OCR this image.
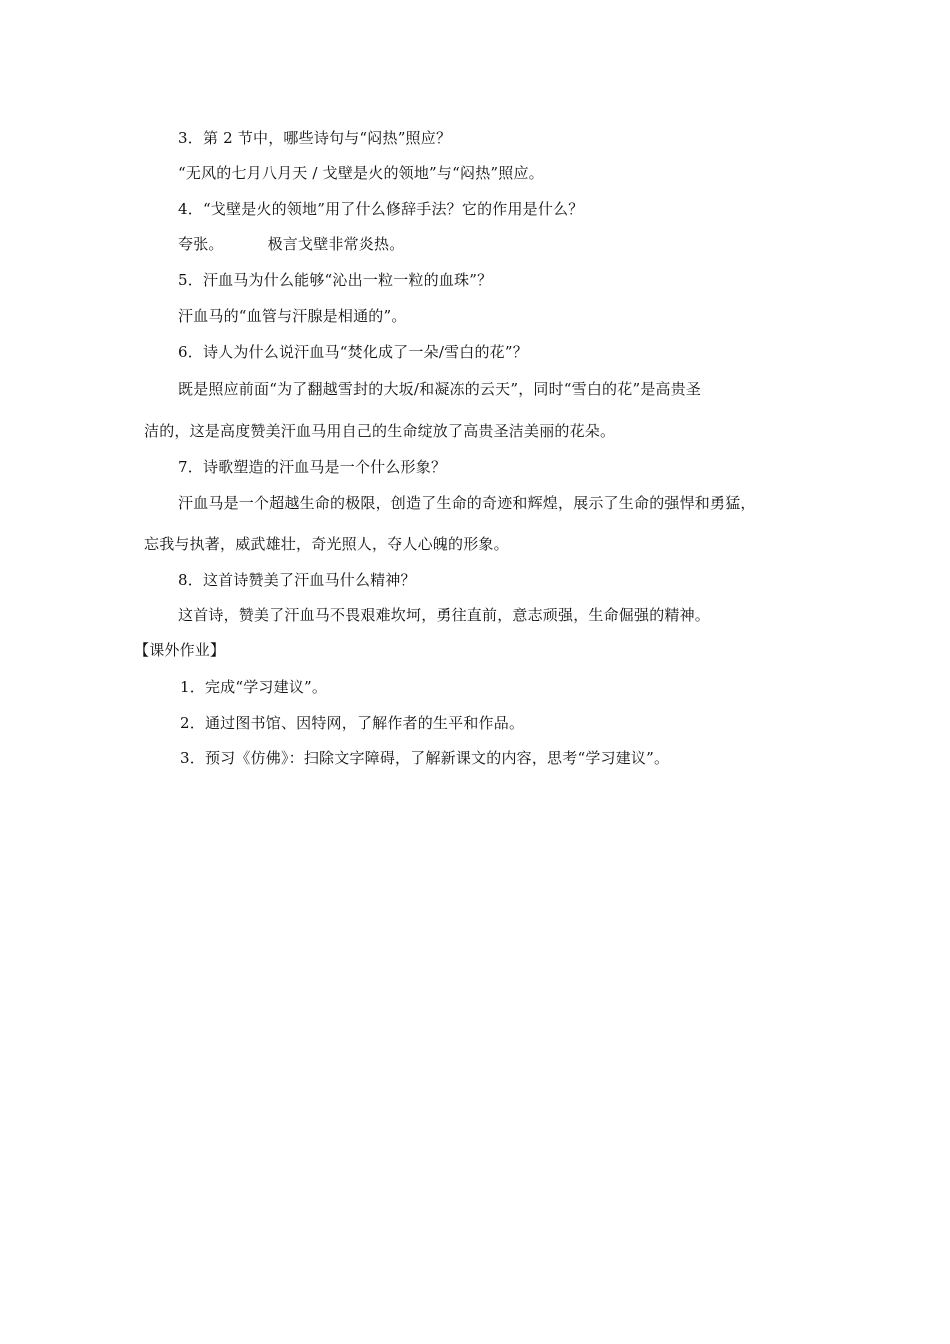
3．第 2 节中，哪些诗句与“闷热”照应？
“无风的七月八月天 / 戈壁是火的领地”与“闷热”照应。
4．“戈壁是火的领地”用了什么修辞手法？它的作用是什么？
夸张。	极言戈壁非常炎热。
5．汗血马为什么能够“沁出一粒一粒的血珠”？
汗血马的“血管与汗腺是相通的”。
6．诗人为什么说汗血马“焚化成了一朵/雪白的花”？
既是照应前面“为了翻越雪封的大坂/和凝冻的云天”，同时“雪白的花”是高贵圣
洁的，这是高度赞美汗血马用自己的生命绽放了高贵圣洁美丽的花朵。
7．诗歌塑造的汗血马是一个什么形象？
汗血马是一个超越生命的极限，创造了生命的奇迹和辉煌，展示了生命的强悍和勇猛，
忘我与执著，威武雄壮，奇光照人，夺人心魄的形象。
8．这首诗赞美了汗血马什么精神？
这首诗，赞美了汗血马不畏艰难坎坷，勇往直前，意志顽强，生命倔强的精神。
【课外作业】
1．完成“学习建议”。
2．通过图书馆、因特网，了解作者的生平和作品。
3．预习《仿佛》：扫除文字障碍，了解新课文的内容，思考“学习建议”。
